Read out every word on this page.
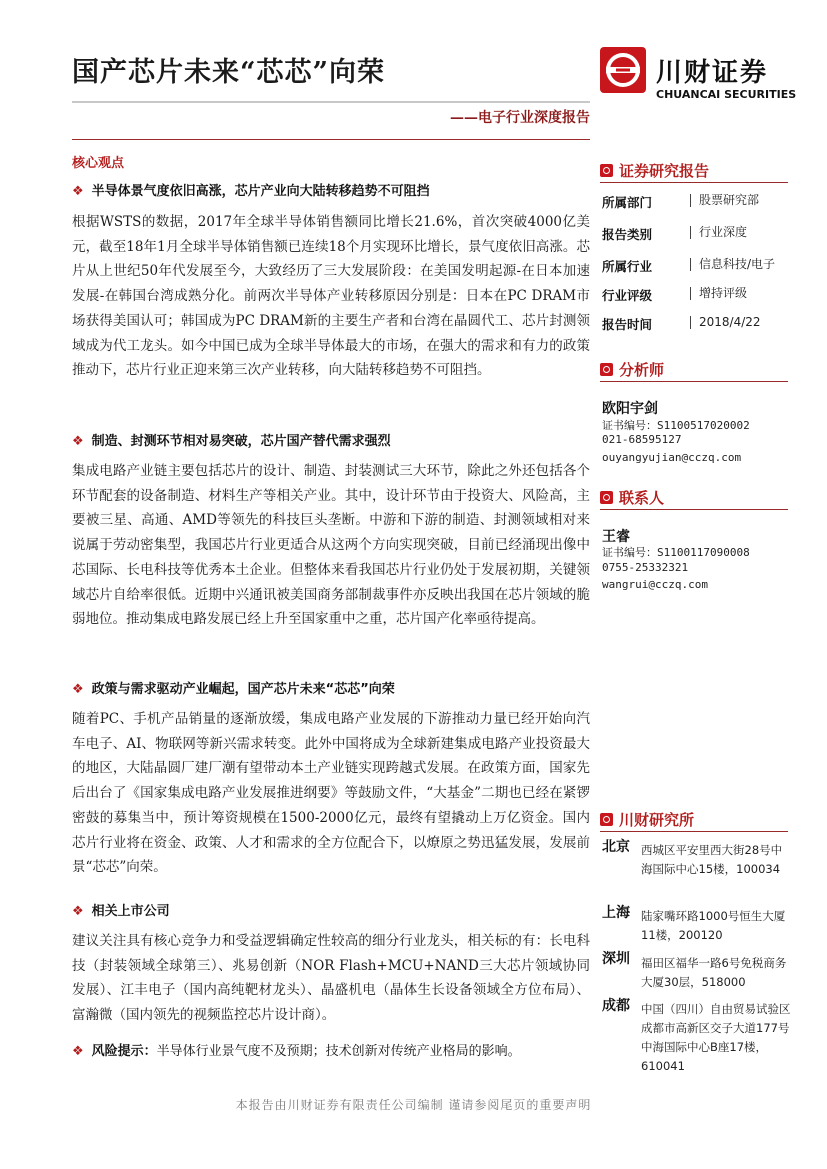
国产芯片未来“芯芯”向荣
——电子行业深度报告
川财证券
CHUANCAI SECURITIES
核心观点
❖ 半导体景气度依旧高涨，芯片产业向大陆转移趋势不可阻挡
根据WSTS的数据，2017年全球半导体销售额同比增长21.6%，首次突破4000亿美元，截至18年1月全球半导体销售额已连续18个月实现环比增长，景气度依旧高涨。芯片从上世纪50年代发展至今，大致经历了三大发展阶段：在美国发明起源-在日本加速发展-在韩国台湾成熟分化。前两次半导体产业转移原因分别是：日本在PC DRAM市场获得美国认可；韩国成为PC DRAM新的主要生产者和台湾在晶圆代工、芯片封测领域成为代工龙头。如今中国已成为全球半导体最大的市场，在强大的需求和有力的政策推动下，芯片行业正迎来第三次产业转移，向大陆转移趋势不可阻挡。
❖ 制造、封测环节相对易突破，芯片国产替代需求强烈
集成电路产业链主要包括芯片的设计、制造、封装测试三大环节，除此之外还包括各个环节配套的设备制造、材料生产等相关产业。其中，设计环节由于投资大、风险高，主要被三星、高通、AMD等领先的科技巨头垄断。中游和下游的制造、封测领域相对来说属于劳动密集型，我国芯片行业更适合从这两个方向实现突破，目前已经涌现出像中芯国际、长电科技等优秀本土企业。但整体来看我国芯片行业仍处于发展初期，关键领域芯片自给率很低。近期中兴通讯被美国商务部制裁事件亦反映出我国在芯片领域的脆弱地位。推动集成电路发展已经上升至国家重中之重，芯片国产化率亟待提高。
❖ 政策与需求驱动产业崛起，国产芯片未来“芯芯”向荣
随着PC、手机产品销量的逐渐放缓，集成电路产业发展的下游推动力量已经开始向汽车电子、AI、物联网等新兴需求转变。此外中国将成为全球新建集成电路产业投资最大的地区，大陆晶圆厂建厂潮有望带动本土产业链实现跨越式发展。在政策方面，国家先后出台了《国家集成电路产业发展推进纲要》等鼓励文件，“大基金”二期也已经在紧锣密鼓的募集当中，预计筹资规模在1500-2000亿元，最终有望撬动上万亿资金。国内芯片行业将在资金、政策、人才和需求的全方位配合下，以燎原之势迅猛发展，发展前景“芯芯”向荣。
❖ 相关上市公司
建议关注具有核心竞争力和受益逻辑确定性较高的细分行业龙头，相关标的有：长电科技（封装领域全球第三）、兆易创新（NOR Flash+MCU+NAND三大芯片领域协同发展）、江丰电子（国内高纯靶材龙头）、晶盛机电（晶体生长设备领域全方位布局）、富瀚微（国内领先的视频监控芯片设计商）。
❖ 风险提示：半导体行业景气度不及预期；技术创新对传统产业格局的影响。
证券研究报告
所属部门	股票研究部
报告类别	行业深度
所属行业	信息科技/电子
行业评级	增持评级
报告时间	2018/4/22
分析师
欧阳宇剑
证书编号：S1100517020002
021-68595127
ouyangyujian@cczq.com
联系人
王睿
证书编号：S1100117090008
0755-25332321
wangrui@cczq.com
川财研究所
北京 西城区平安里西大街28号中海国际中心15楼，100034
上海 陆家嘴环路1000号恒生大厦11楼，200120
深圳 福田区福华一路6号免税商务大厦30层，518000
成都 中国（四川）自由贸易试验区成都市高新区交子大道177号中海国际中心B座17楼，610041
本报告由川财证券有限责任公司编制 谨请参阅尾页的重要声明
